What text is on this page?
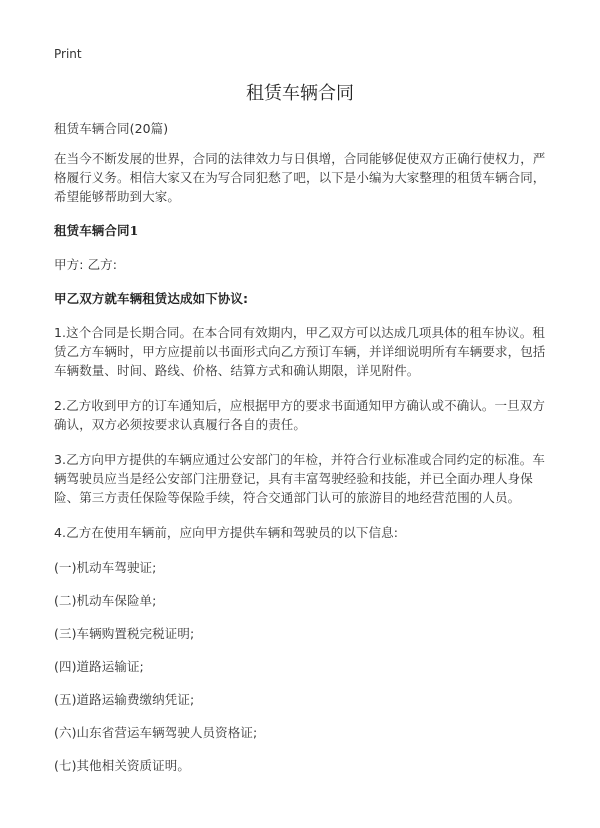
Print
租赁车辆合同

租赁车辆合同(20篇)

在当今不断发展的世界，合同的法律效力与日俱增，合同能够促使双方正确行使权力，严格履行义务。相信大家又在为写合同犯愁了吧，以下是小编为大家整理的租赁车辆合同，希望能够帮助到大家。

租赁车辆合同1

甲方: 乙方:

甲乙双方就车辆租赁达成如下协议:

1.这个合同是长期合同。在本合同有效期内，甲乙双方可以达成几项具体的租车协议。租赁乙方车辆时，甲方应提前以书面形式向乙方预订车辆，并详细说明所有车辆要求，包括车辆数量、时间、路线、价格、结算方式和确认期限，详见附件。

2.乙方收到甲方的订车通知后，应根据甲方的要求书面通知甲方确认或不确认。一旦双方确认，双方必须按要求认真履行各自的责任。

3.乙方向甲方提供的车辆应通过公安部门的年检，并符合行业标准或合同约定的标准。车辆驾驶员应当是经公安部门注册登记，具有丰富驾驶经验和技能，并已全面办理人身保险、第三方责任保险等保险手续，符合交通部门认可的旅游目的地经营范围的人员。

4.乙方在使用车辆前，应向甲方提供车辆和驾驶员的以下信息:

(一)机动车驾驶证;

(二)机动车保险单;

(三)车辆购置税完税证明;

(四)道路运输证;

(五)道路运输费缴纳凭证;

(六)山东省营运车辆驾驶人员资格证;

(七)其他相关资质证明。
